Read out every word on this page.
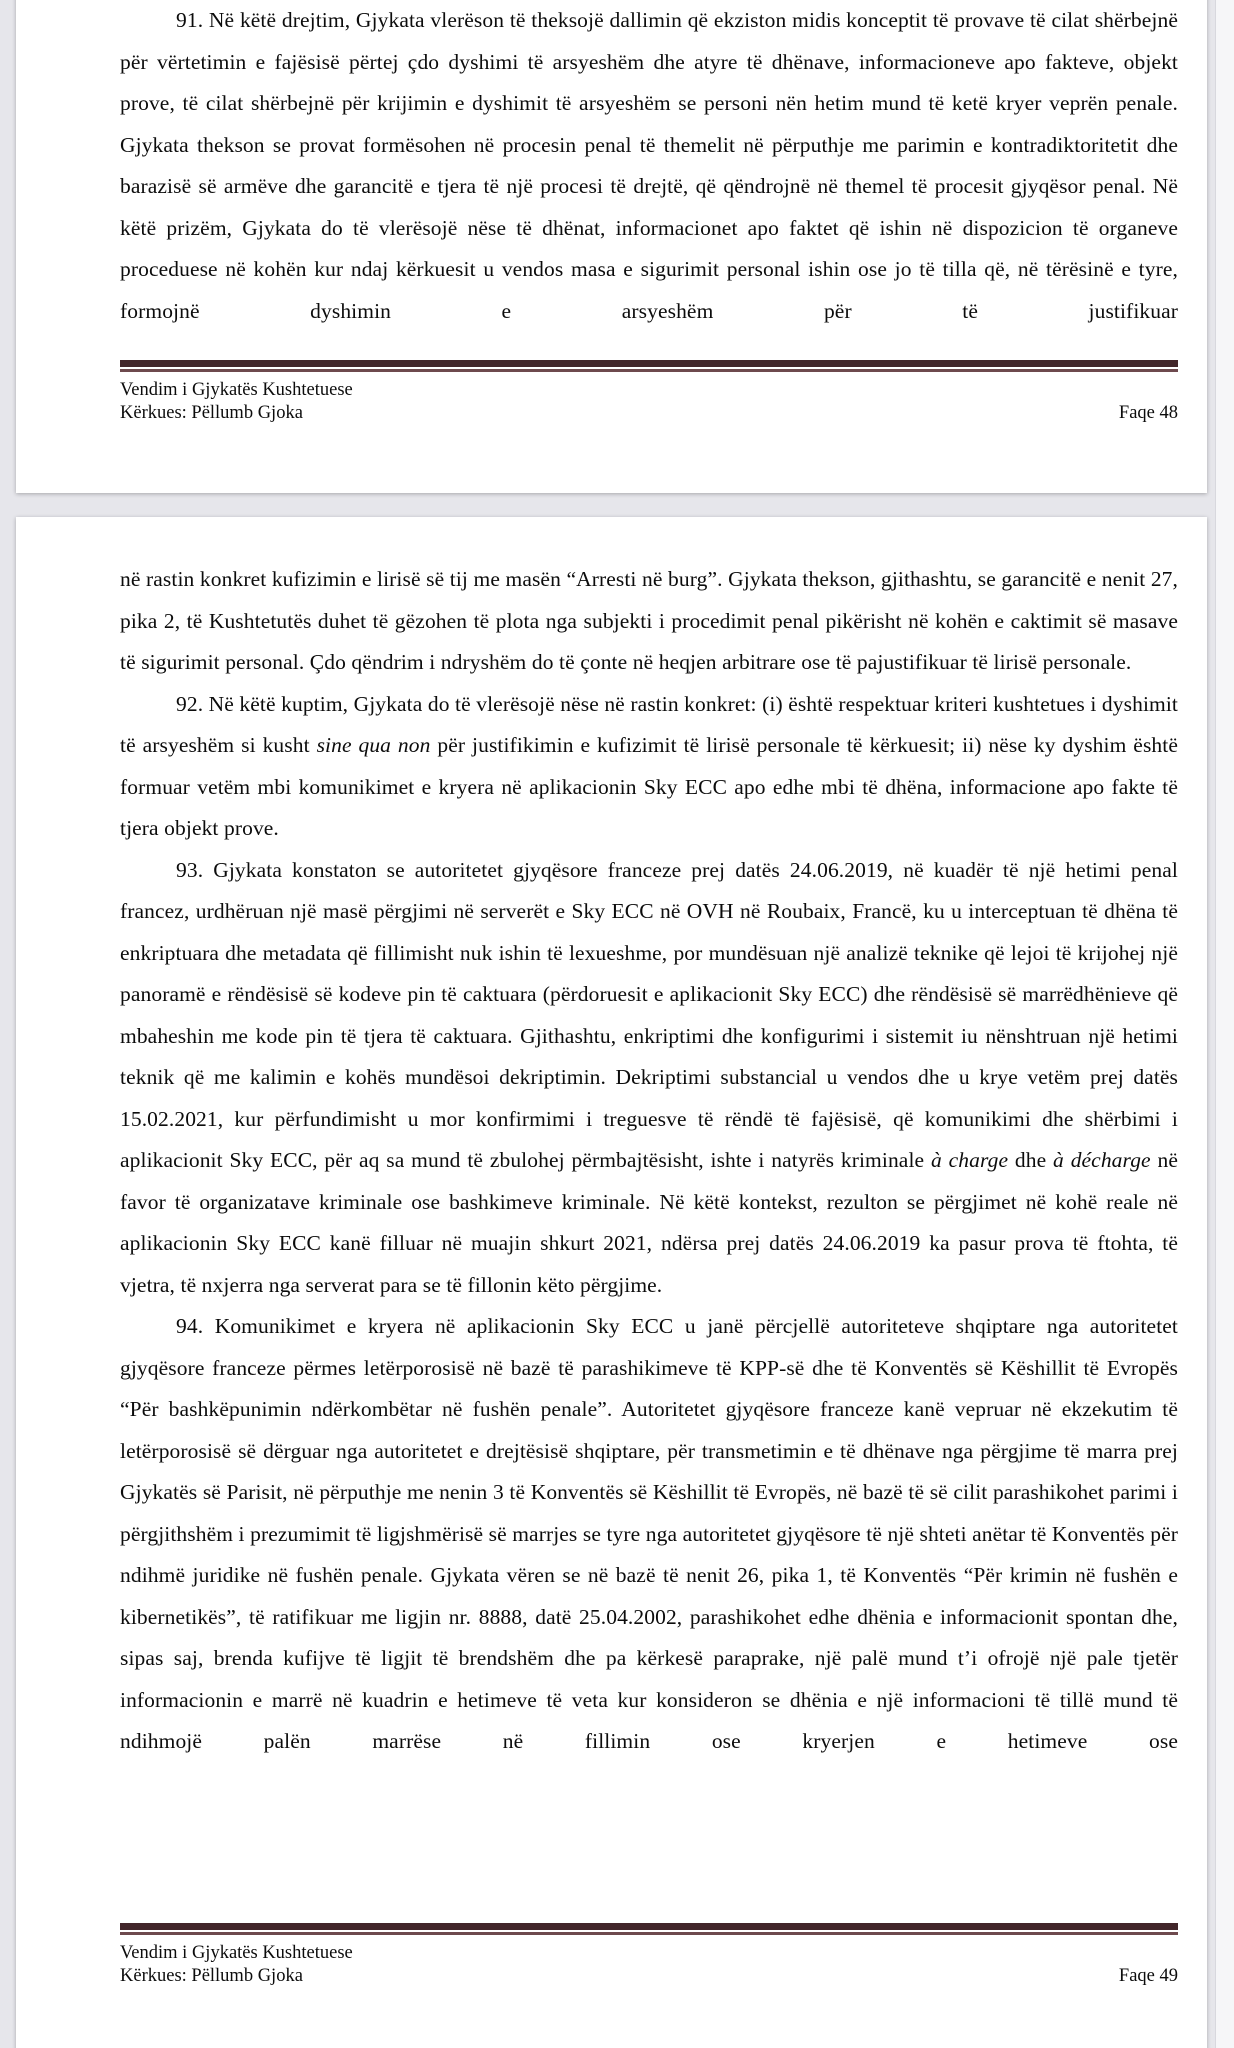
91. Në këtë drejtim, Gjykata vlerëson të theksojë dallimin që ekziston midis konceptit të provave të cilat shërbejnë për vërtetimin e fajësisë përtej çdo dyshimi të arsyeshëm dhe atyre të dhënave, informacioneve apo fakteve, objekt prove, të cilat shërbejnë për krijimin e dyshimit të arsyeshëm se personi nën hetim mund të ketë kryer veprën penale. Gjykata thekson se provat formësohen në procesin penal të themelit në përputhje me parimin e kontradiktoritetit dhe barazisë së armëve dhe garancitë e tjera të një procesi të drejtë, që qëndrojnë në themel të procesit gjyqësor penal. Në këtë prizëm, Gjykata do të vlerësojë nëse të dhënat, informacionet apo faktet që ishin në dispozicion të organeve proceduese në kohën kur ndaj kërkuesit u vendos masa e sigurimit personal ishin ose jo të tilla që, në tërësinë e tyre, formojnë dyshimin e arsyeshëm për të justifikuar

Vendim i Gjykatës Kushtetuese
Kërkues: Pëllumb Gjoka	Faqe 48

në rastin konkret kufizimin e lirisë së tij me masën “Arresti në burg”. Gjykata thekson, gjithashtu, se garancitë e nenit 27, pika 2, të Kushtetutës duhet të gëzohen të plota nga subjekti i procedimit penal pikërisht në kohën e caktimit së masave të sigurimit personal. Çdo qëndrim i ndryshëm do të çonte në heqjen arbitrare ose të pajustifikuar të lirisë personale.

92. Në këtë kuptim, Gjykata do të vlerësojë nëse në rastin konkret: (i) është respektuar kriteri kushtetues i dyshimit të arsyeshëm si kusht sine qua non për justifikimin e kufizimit të lirisë personale të kërkuesit; ii) nëse ky dyshim është formuar vetëm mbi komunikimet e kryera në aplikacionin Sky ECC apo edhe mbi të dhëna, informacione apo fakte të tjera objekt prove.

93. Gjykata konstaton se autoritetet gjyqësore franceze prej datës 24.06.2019, në kuadër të një hetimi penal francez, urdhëruan një masë përgjimi në serverët e Sky ECC në OVH në Roubaix, Francë, ku u interceptuan të dhëna të enkriptuara dhe metadata që fillimisht nuk ishin të lexueshme, por mundësuan një analizë teknike që lejoi të krijohej një panoramë e rëndësisë së kodeve pin të caktuara (përdoruesit e aplikacionit Sky ECC) dhe rëndësisë së marrëdhënieve që mbaheshin me kode pin të tjera të caktuara. Gjithashtu, enkriptimi dhe konfigurimi i sistemit iu nënshtruan një hetimi teknik që me kalimin e kohës mundësoi dekriptimin. Dekriptimi substancial u vendos dhe u krye vetëm prej datës 15.02.2021, kur përfundimisht u mor konfirmimi i treguesve të rëndë të fajësisë, që komunikimi dhe shërbimi i aplikacionit Sky ECC, për aq sa mund të zbulohej përmbajtësisht, ishte i natyrës kriminale à charge dhe à décharge në favor të organizatave kriminale ose bashkimeve kriminale. Në këtë kontekst, rezulton se përgjimet në kohë reale në aplikacionin Sky ECC kanë filluar në muajin shkurt 2021, ndërsa prej datës 24.06.2019 ka pasur prova të ftohta, të vjetra, të nxjerra nga serverat para se të fillonin këto përgjime.

94. Komunikimet e kryera në aplikacionin Sky ECC u janë përcjellë autoriteteve shqiptare nga autoritetet gjyqësore franceze përmes letërporosisë në bazë të parashikimeve të KPP-së dhe të Konventës së Këshillit të Evropës “Për bashkëpunimin ndërkombëtar në fushën penale”. Autoritetet gjyqësore franceze kanë vepruar në ekzekutim të letërporosisë së dërguar nga autoritetet e drejtësisë shqiptare, për transmetimin e të dhënave nga përgjime të marra prej Gjykatës së Parisit, në përputhje me nenin 3 të Konventës së Këshillit të Evropës, në bazë të së cilit parashikohet parimi i përgjithshëm i prezumimit të ligjshmërisë së marrjes se tyre nga autoritetet gjyqësore të një shteti anëtar të Konventës për ndihmë juridike në fushën penale. Gjykata vëren se në bazë të nenit 26, pika 1, të Konventës “Për krimin në fushën e kibernetikës”, të ratifikuar me ligjin nr. 8888, datë 25.04.2002, parashikohet edhe dhënia e informacionit spontan dhe, sipas saj, brenda kufijve të ligjit të brendshëm dhe pa kërkesë paraprake, një palë mund t’i ofrojë një pale tjetër informacionin e marrë në kuadrin e hetimeve të veta kur konsideron se dhënia e një informacioni të tillë mund të ndihmojë palën marrëse në fillimin ose kryerjen e hetimeve ose

Vendim i Gjykatës Kushtetuese
Kërkues: Pëllumb Gjoka	Faqe 49
